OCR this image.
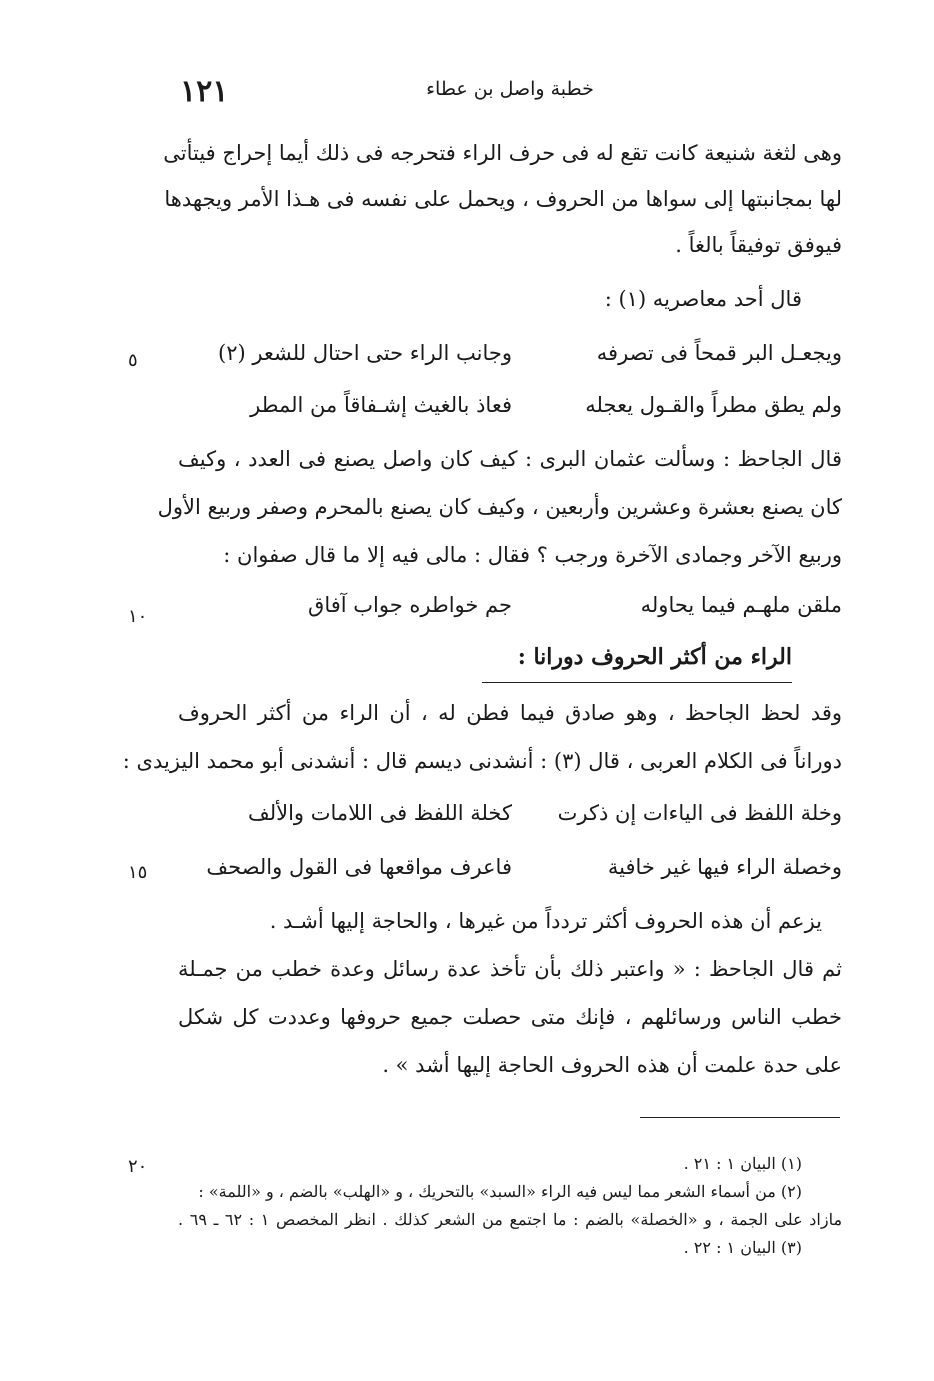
١٢١	خطبة واصل بن عطاء
وهى لثغة شنيعة كانت تقع له فى حرف الراء فتحرجه فى ذلك أيما إحراج فيتأتى
لها بمجانبتها إلى سواها من الحروف ، ويحمل على نفسه فى هـذا الأمر ويجهدها
فيوفق توفيقاً بالغاً .
قال أحد معاصريه (١) :
ويجعـل البر قمحاً فى تصرفه
وجانب الراء حتى احتال للشعر (٢)
ولم يطق مطراً والقـول يعجله
فعاذ بالغيث إشـفاقاً من المطر
قال الجاحظ : وسألت عثمان البرى : كيف كان واصل يصنع فى العدد ، وكيف
كان يصنع بعشرة وعشرين وأربعين ، وكيف كان يصنع بالمحرم وصفر وربيع الأول
وربيع الآخر وجمادى الآخرة ورجب ؟ فقال : مالى فيه إلا ما قال صفوان :
ملقن ملهـم فيما يحاوله
جم خواطره جواب آفاق
الراء من أكثر الحروف دورانا :
وقد لحظ الجاحظ ، وهو صادق فيما فطن له ، أن الراء من أكثر الحروف
دوراناً فى الكلام العربى ، قال (٣) : أنشدنى ديسم قال : أنشدنى أبو محمد اليزيدى :
وخلة اللفظ فى الياءات إن ذكرت
كخلة اللفظ فى اللامات والألف
وخصلة الراء فيها غير خافية
فاعرف مواقعها فى القول والصحف
يزعم أن هذه الحروف أكثر تردداً من غيرها ، والحاجة إليها أشـد .
ثم قال الجاحظ : « واعتبر ذلك بأن تأخذ عدة رسائل وعدة خطب من جمـلة
خطب الناس ورسائلهم ، فإنك متى حصلت جميع حروفها وعددت كل شكل
على حدة علمت أن هذه الحروف الحاجة إليها أشد » .
٥
١٠
١٥
٢٠	(١) البيان ١ : ٢١ .
(٢) من أسماء الشعر مما ليس فيه الراء «السبد» بالتحريك ، و «الهلب» بالضم ، و «اللمة» :
مازاد على الجمة ، و «الخصلة» بالضم : ما اجتمع من الشعر كذلك . انظر المخصص ١ : ٦٢ ـ ٦٩ .
(٣) البيان ١ : ٢٢ .
